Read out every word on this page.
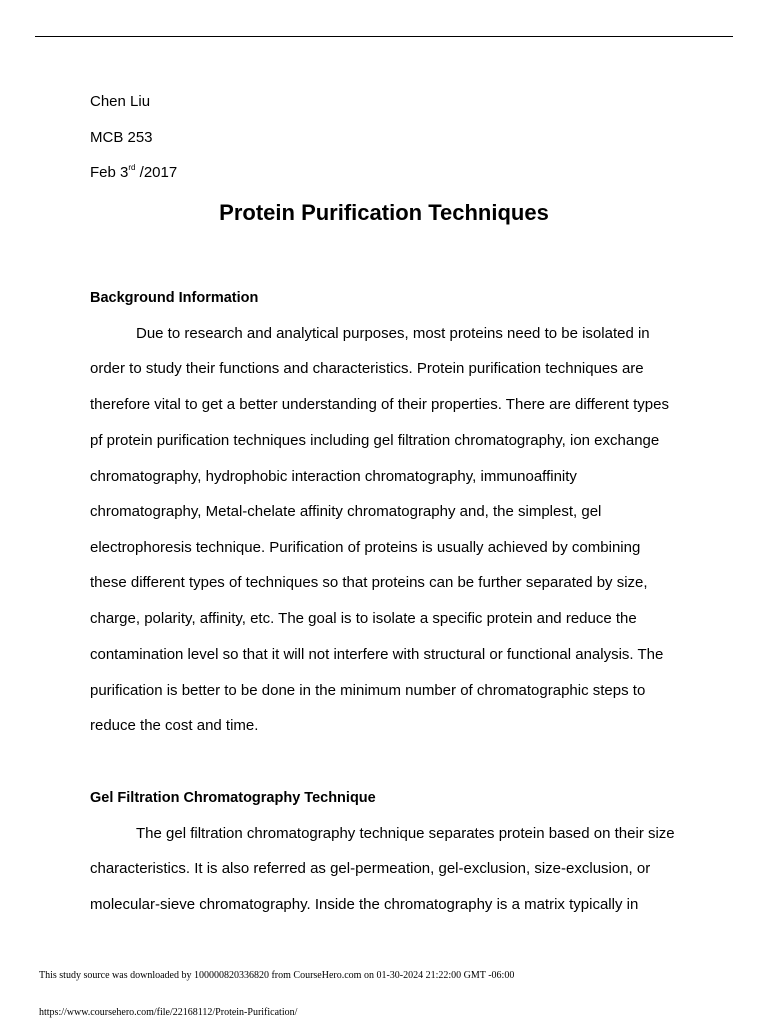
Chen Liu
MCB 253
Feb 3rd /2017
Protein Purification Techniques
Background Information
Due to research and analytical purposes, most proteins need to be isolated in
order to study their functions and characteristics. Protein purification techniques are
therefore vital to get a better understanding of their properties. There are different types
pf protein purification techniques including gel filtration chromatography, ion exchange
chromatography, hydrophobic interaction chromatography, immunoaffinity
chromatography, Metal-chelate affinity chromatography and, the simplest, gel
electrophoresis technique. Purification of proteins is usually achieved by combining
these different types of techniques so that proteins can be further separated by size,
charge, polarity, affinity, etc. The goal is to isolate a specific protein and reduce the
contamination level so that it will not interfere with structural or functional analysis. The
purification is better to be done in the minimum number of chromatographic steps to
reduce the cost and time.
Gel Filtration Chromatography Technique
The gel filtration chromatography technique separates protein based on their size
characteristics. It is also referred as gel-permeation, gel-exclusion, size-exclusion, or
molecular-sieve chromatography. Inside the chromatography is a matrix typically in
This study source was downloaded by 100000820336820 from CourseHero.com on 01-30-2024 21:22:00 GMT -06:00
https://www.coursehero.com/file/22168112/Protein-Purification/
